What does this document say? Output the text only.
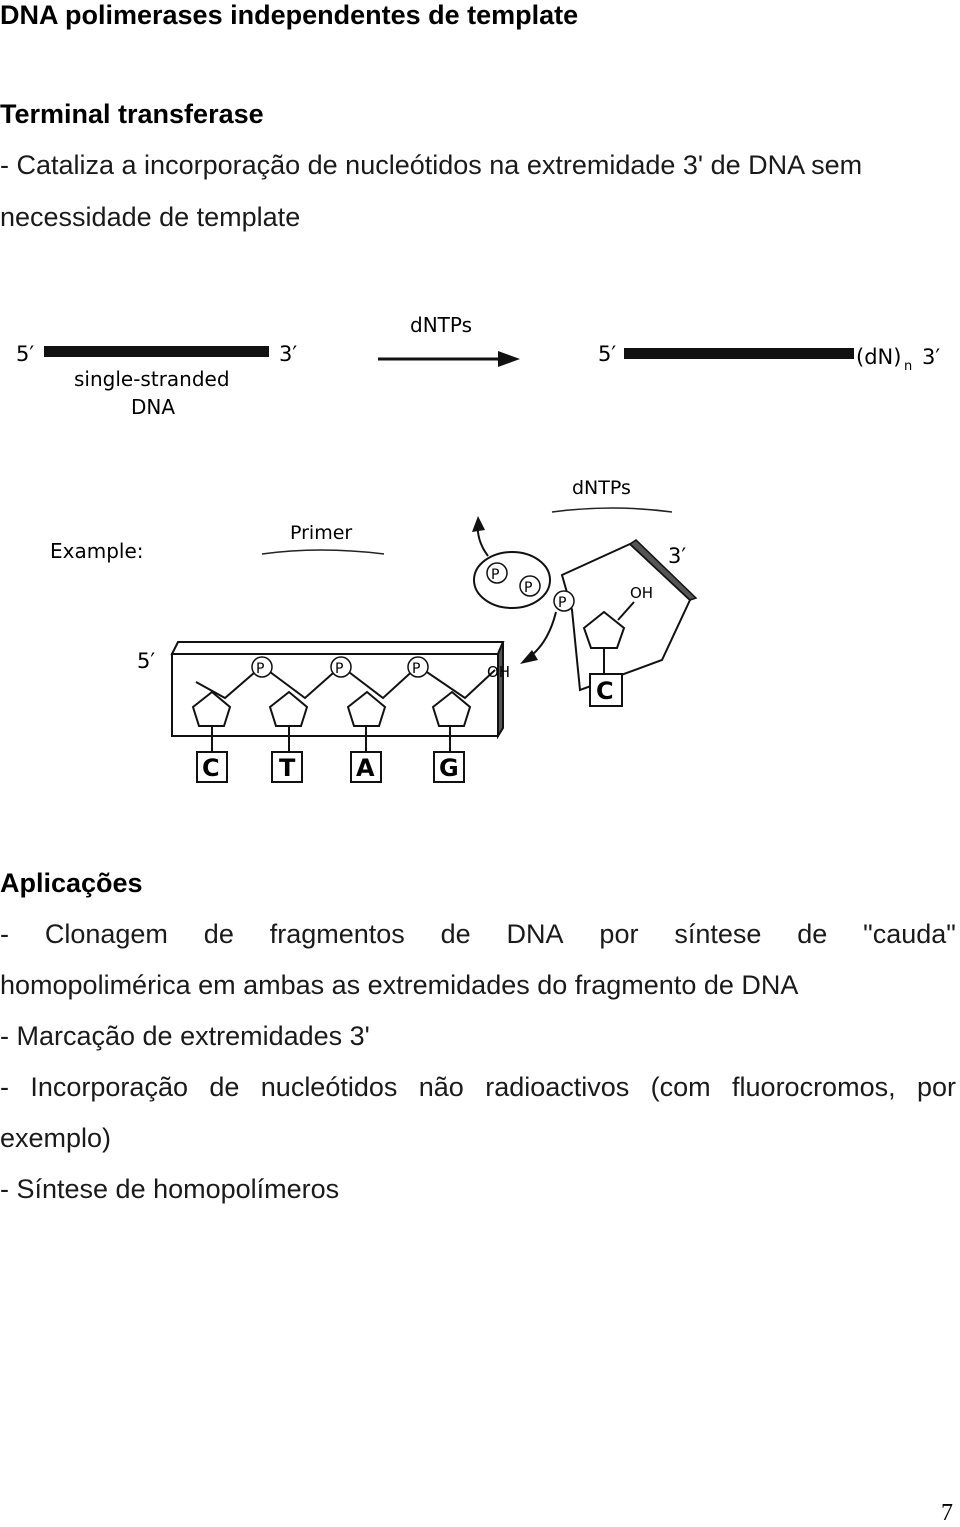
DNA polimerases independentes de template
Terminal transferase
- Cataliza a incorporação de nucleótidos na extremidade 3' de DNA sem
necessidade de template
5′	3′
single-stranded
DNA
dNTPs
5′	(dN) n 3′
Example:
Primer
dNTPs
5′	P	P	P	OH
C T	A	G
3′
OH
P
C
P
P
Aplicações
- Clonagem de fragmentos de DNA por síntese de "cauda"
homopolimérica em ambas as extremidades do fragmento de DNA
- Marcação de extremidades 3'
- Incorporação de nucleótidos não radioactivos (com fluorocromos, por
exemplo)
- Síntese de homopolímeros
7
